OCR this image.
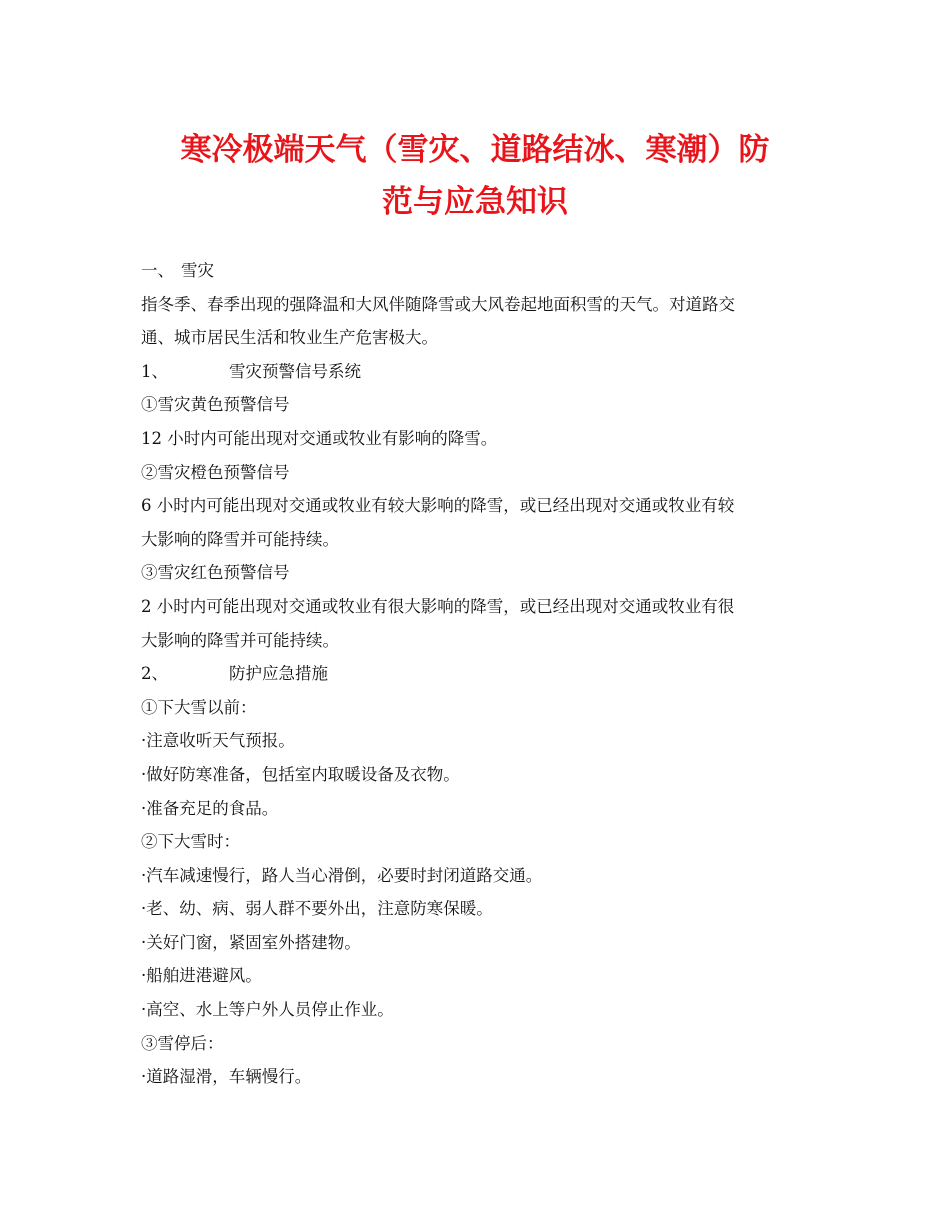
寒冷极端天气（雪灾、道路结冰、寒潮）防
范与应急知识
一、 雪灾
指冬季、春季出现的强降温和大风伴随降雪或大风卷起地面积雪的天气。对道路交
通、城市居民生活和牧业生产危害极大。
1、	雪灾预警信号系统
①雪灾黄色预警信号
12 小时内可能出现对交通或牧业有影响的降雪。
②雪灾橙色预警信号
6 小时内可能出现对交通或牧业有较大影响的降雪，或已经出现对交通或牧业有较
大影响的降雪并可能持续。
③雪灾红色预警信号
2 小时内可能出现对交通或牧业有很大影响的降雪，或已经出现对交通或牧业有很
大影响的降雪并可能持续。
2、	防护应急措施
①下大雪以前：
·注意收听天气预报。
·做好防寒准备，包括室内取暖设备及衣物。
·准备充足的食品。
②下大雪时：
·汽车减速慢行，路人当心滑倒，必要时封闭道路交通。
·老、幼、病、弱人群不要外出，注意防寒保暖。
·关好门窗，紧固室外搭建物。
·船舶进港避风。
·高空、水上等户外人员停止作业。
③雪停后：
·道路湿滑，车辆慢行。
